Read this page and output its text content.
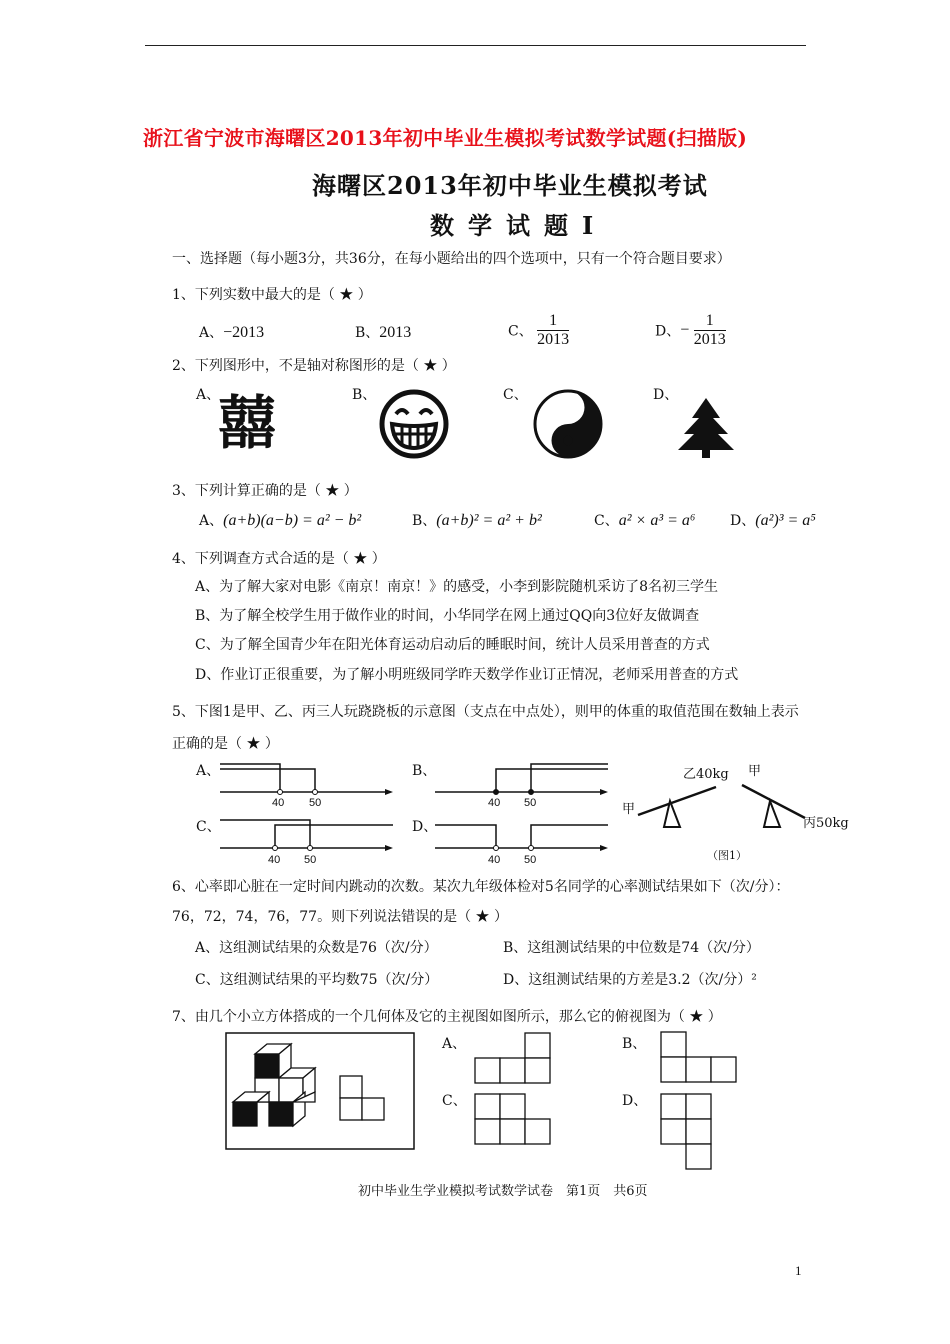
浙江省宁波市海曙区2013年初中毕业生模拟考试数学试题(扫描版)
海曙区2013年初中毕业生模拟考试
数学试题I
一、选择题（每小题3分，共36分，在每小题给出的四个选项中，只有一个符合题目要求）
1、下列实数中最大的是（ ★ ）
A、−2013	B、2013	C、 $\frac{1}{2013}$	D、− $\frac{1}{2013}$
2、下列图形中，不是轴对称图形的是（ ★ ）
A、	B、	C、	D、
囍
3、下列计算正确的是（ ★ ）
A、(a+b)(a−b) = a² − b²	B、(a+b)² = a² + b²	C、a² × a³ = a⁶ D、(a²)³ = a⁵
4、下列调查方式合适的是（ ★ ）
A、为了解大家对电影《南京！南京！》的感受，小李到影院随机采访了8名初三学生
B、为了解全校学生用于做作业的时间，小华同学在网上通过QQ向3位好友做调查
C、为了解全国青少年在阳光体育运动启动后的睡眠时间，统计人员采用普查的方式
D、作业订正很重要，为了解小明班级同学昨天数学作业订正情况，老师采用普查的方式
5、下图1是甲、乙、丙三人玩跷跷板的示意图（支点在中点处），则甲的体重的取值范围在数轴上表示
正确的是（ ★ ）
A、	B、
C、	D、
40 50	40 50
40 50	40 50
乙40kg 甲
甲
丙50kg
（图1）
6、心率即心脏在一定时间内跳动的次数。某次九年级体检对5名同学的心率测试结果如下（次/分）：
76，72，74，76，77。则下列说法错误的是（ ★ ）
A、这组测试结果的众数是76（次/分）	B、这组测试结果的中位数是74（次/分）
C、这组测试结果的平均数75（次/分）	D、这组测试结果的方差是3.2（次/分）²
7、由几个小立方体搭成的一个几何体及它的主视图如图所示，那么它的俯视图为（ ★ ）
A、	B、
C、	D、
初中毕业生学业模拟考试数学试卷　第1页　共6页
1
